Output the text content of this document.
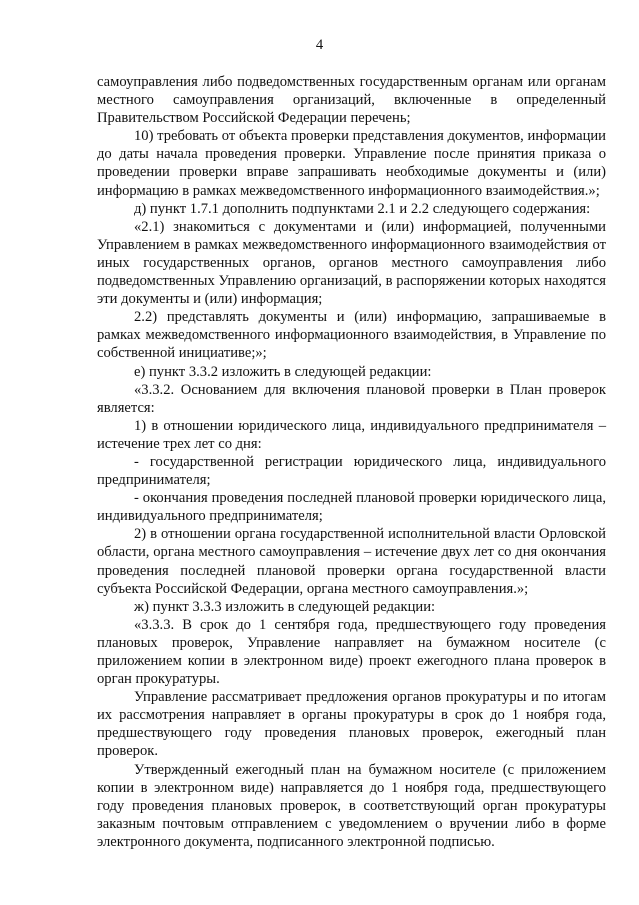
4

самоуправления либо подведомственных государственным органам или органам местного самоуправления организаций, включенные в определенный Правительством Российской Федерации перечень;

10) требовать от объекта проверки представления документов, информации до даты начала проведения проверки. Управление после принятия приказа о проведении проверки вправе запрашивать необходимые документы и (или) информацию в рамках межведомственного информационного взаимодействия.»;

д) пункт 1.7.1 дополнить подпунктами 2.1 и 2.2 следующего содержания:

«2.1) знакомиться с документами и (или) информацией, полученными Управлением в рамках межведомственного информационного взаимодействия от иных государственных органов, органов местного самоуправления либо подведомственных Управлению организаций, в распоряжении которых находятся эти документы и (или) информация;

2.2) представлять документы и (или) информацию, запрашиваемые в рамках межведомственного информационного взаимодействия, в Управление по собственной инициативе;»;

е) пункт 3.3.2 изложить в следующей редакции:

«3.3.2. Основанием для включения плановой проверки в План проверок является:

1) в отношении юридического лица, индивидуального предпринимателя – истечение трех лет со дня:

- государственной регистрации юридического лица, индивидуального предпринимателя;

- окончания проведения последней плановой проверки юридического лица, индивидуального предпринимателя;

2) в отношении органа государственной исполнительной власти Орловской области, органа местного самоуправления – истечение двух лет со дня окончания проведения последней плановой проверки органа государственной власти субъекта Российской Федерации, органа местного самоуправления.»;

ж) пункт 3.3.3 изложить в следующей редакции:

«3.3.3. В срок до 1 сентября года, предшествующего году проведения плановых проверок, Управление направляет на бумажном носителе (с приложением копии в электронном виде) проект ежегодного плана проверок в орган прокуратуры.

Управление рассматривает предложения органов прокуратуры и по итогам их рассмотрения направляет в органы прокуратуры в срок до 1 ноября года, предшествующего году проведения плановых проверок, ежегодный план проверок.

Утвержденный ежегодный план на бумажном носителе (с приложением копии в электронном виде) направляется до 1 ноября года, предшествующего году проведения плановых проверок, в соответствующий орган прокуратуры заказным почтовым отправлением с уведомлением о вручении либо в форме электронного документа, подписанного электронной подписью.
